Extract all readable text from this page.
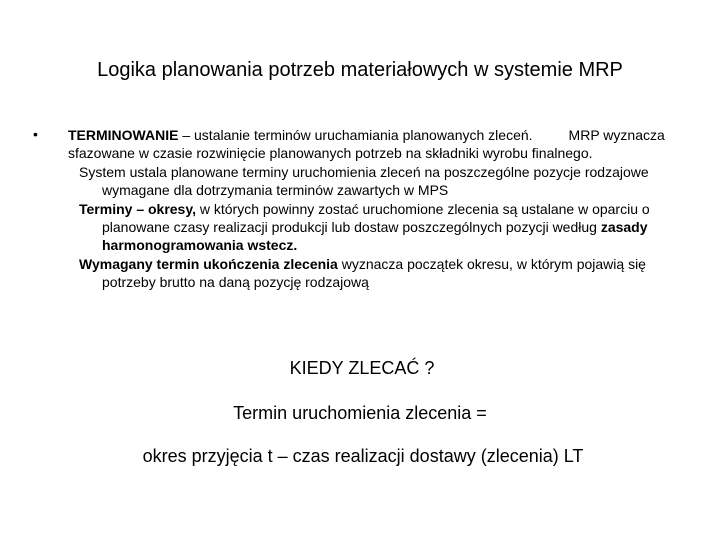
Logika planowania potrzeb materiałowych w systemie MRP
• TERMINOWANIE – ustalanie terminów uruchamiania planowanych zleceń.	MRP wyznacza sfazowane w czasie rozwinięcie planowanych potrzeb na składniki wyrobu finalnego.

System ustala planowane terminy uruchomienia zleceń na poszczególne pozycje rodzajowe wymagane dla dotrzymania terminów zawartych w MPS

Terminy – okresy, w których powinny zostać uruchomione zlecenia są ustalane w oparciu o planowane czasy realizacji produkcji lub dostaw poszczególnych pozycji według zasady harmonogramowania wstecz.

Wymagany termin ukończenia zlecenia wyznacza początek okresu, w którym pojawią się potrzeby brutto na daną pozycję rodzajową

KIEDY ZLECAĆ ?
Termin uruchomienia zlecenia =
okres przyjęcia t – czas realizacji dostawy (zlecenia) LT
